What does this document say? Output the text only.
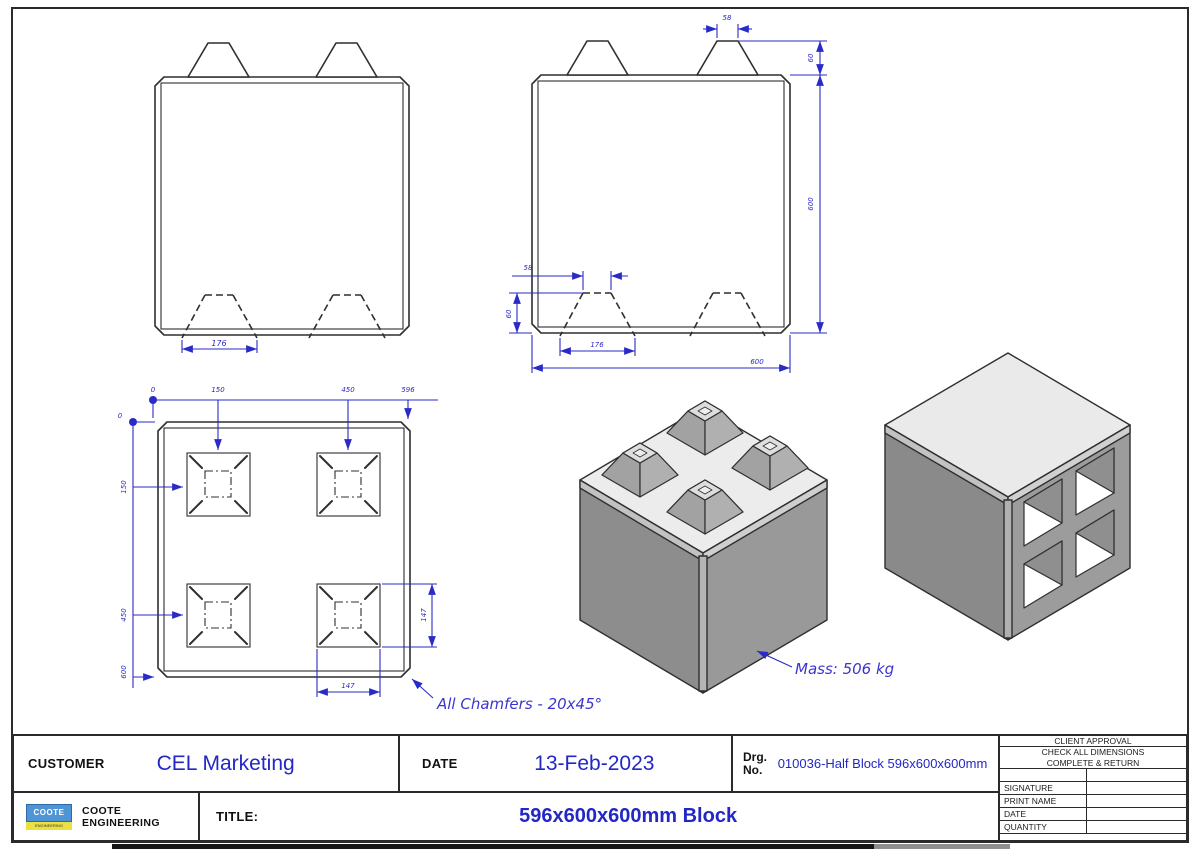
176
58
60
600
58
60
176
600
0	150	450	596
0
150
450
600
147
147
All Chamfers - 20x45°
Mass: 506 kg
CUSTOMER CEL Marketing	DATE	13-Feb-2023	Drg.
No.	010036-Half Block 596x600x600mm
COOTE
ENGINEERING
COOTE ENGINEERING	TITLE:	596x600x600mm Block
CLIENT APPROVAL
CHECK ALL DIMENSIONS
COMPLETE & RETURN
SIGNATURE
PRINT NAME
DATE
QUANTITY
